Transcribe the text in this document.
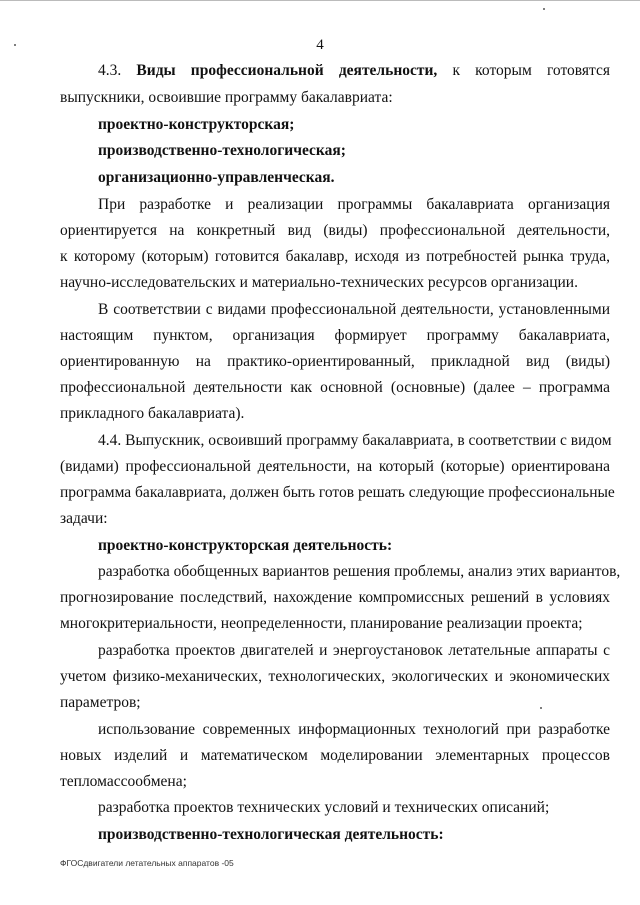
4
4.3. Виды профессиональной деятельности, к которым готовятся
выпускники, освоившие программу бакалавриата:
проектно-конструкторская;
производственно-технологическая;
организационно-управленческая.
При разработке и реализации программы бакалавриата организация
ориентируется на конкретный вид (виды) профессиональной деятельности,
к которому (которым) готовится бакалавр, исходя из потребностей рынка труда,
научно-исследовательских и материально-технических ресурсов организации.
В соответствии с видами профессиональной деятельности, установленными
настоящим пунктом, организация формирует программу бакалавриата,
ориентированную на практико-ориентированный, прикладной вид (виды)
профессиональной деятельности как основной (основные) (далее – программа
прикладного бакалавриата).
4.4. Выпускник, освоивший программу бакалавриата, в соответствии с видом
(видами) профессиональной деятельности, на который (которые) ориентирована
программа бакалавриата, должен быть готов решать следующие профессиональные
задачи:
проектно-конструкторская деятельность:
разработка обобщенных вариантов решения проблемы, анализ этих вариантов,
прогнозирование последствий, нахождение компромиссных решений в условиях
многокритериальности, неопределенности, планирование реализации проекта;
разработка проектов двигателей и энергоустановок летательные аппараты с
учетом физико-механических, технологических, экологических и экономических
параметров;
использование современных информационных технологий при разработке
новых изделий и математическом моделировании элементарных процессов
тепломассообмена;
разработка проектов технических условий и технических описаний;
производственно-технологическая деятельность:
ФГОСдвигатели летательных аппаратов -05
